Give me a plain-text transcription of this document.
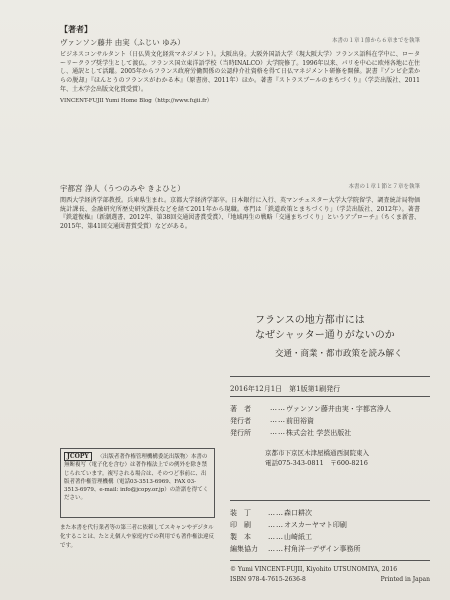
【著者】
ヴァンソン藤井 由実（ふじい ゆみ）	本書の１章１節から６章までを執筆
ビジネスコンサルタント（日仏異文化経営マネジメント）。大阪出身。大阪外国語大学（現大阪大学）フランス語科在学中に、ローターリークラブ奨学生として渡仏。フランス国立東洋語学校（当時INALCO）大学院修了。1996年以来、パリを中心に欧州各地に在住し、通訳として活躍。2005年からフランス政府労働関係の公認仲介社資格を得て日仏マネジメント研修を開催。訳書『ゾンビ企業からの脱却』『ほんとうのフランスがわかる本』（原書房、2011年）ほか。著書『ストラスブールのまちづくり』（学芸出版社、2011年、土木学会出版文化賞受賞）。
VINCENT-FUJII Yumi Home Blog（http://www.fujii.fr）
宇都宮 浄人（うつのみや きよひと）	本書の１章１節と７章を執筆
関西大学経済学部教授。兵庫県生まれ。京都大学経済学部卒。日本銀行に入行、英マンチェスター大学大学院留学、調査統計局物価統計課長、金融研究所歴史研究課長などを経て2011年から現職。専門は「鉄道政策とまちづくり」（学芸出版社、2012年）。著書『鉄道復権』（新潮選書、2012年、第38回交通図書賞受賞）、『地域再生の戦略「交通まちづくり」というアプローチ』（ちくま新書、2015年、第41回交通図書賞受賞）などがある。
フランスの地方都市には
なぜシャッター通りがないのか
交通・商業・都市政策を読み解く
2016年12月1日　第1版第1刷発行
著　者	…… ヴァンソン藤井由実・宇都宮浄人
発行者	…… 前田裕資
発行所	…… 株式会社 学芸出版社
京都市下京区木津屋橋通西洞院東入
電話075-343-0811　〒600-8216
装　丁	…… 森口耕次
印　刷	…… オスカーヤマト印刷
製　本	…… 山崎紙工
編集協力	…… 村角洋一デザイン事務所
© Yumi VINCENT-FUJII, Kiyohito UTSUNOMIYA, 2016
ISBN 978-4-7615-2636-8	Printed in Japan
JCOPY 〈出版者著作権管理機構委託出版物〉本書の無断複写（電子化を含む）は著作権法上での例外を除き禁じられています。複写される場合は、そのつど事前に、出版者著作権管理機構（電話03-3513-6969、FAX 03-3513-6979、e-mail: info@jcopy.or.jp）の許諾を得てください。
また本書を代行業者等の第三者に依頼してスキャンやデジタル化することは、たとえ個人や家庭内での利用でも著作権法違反です。
